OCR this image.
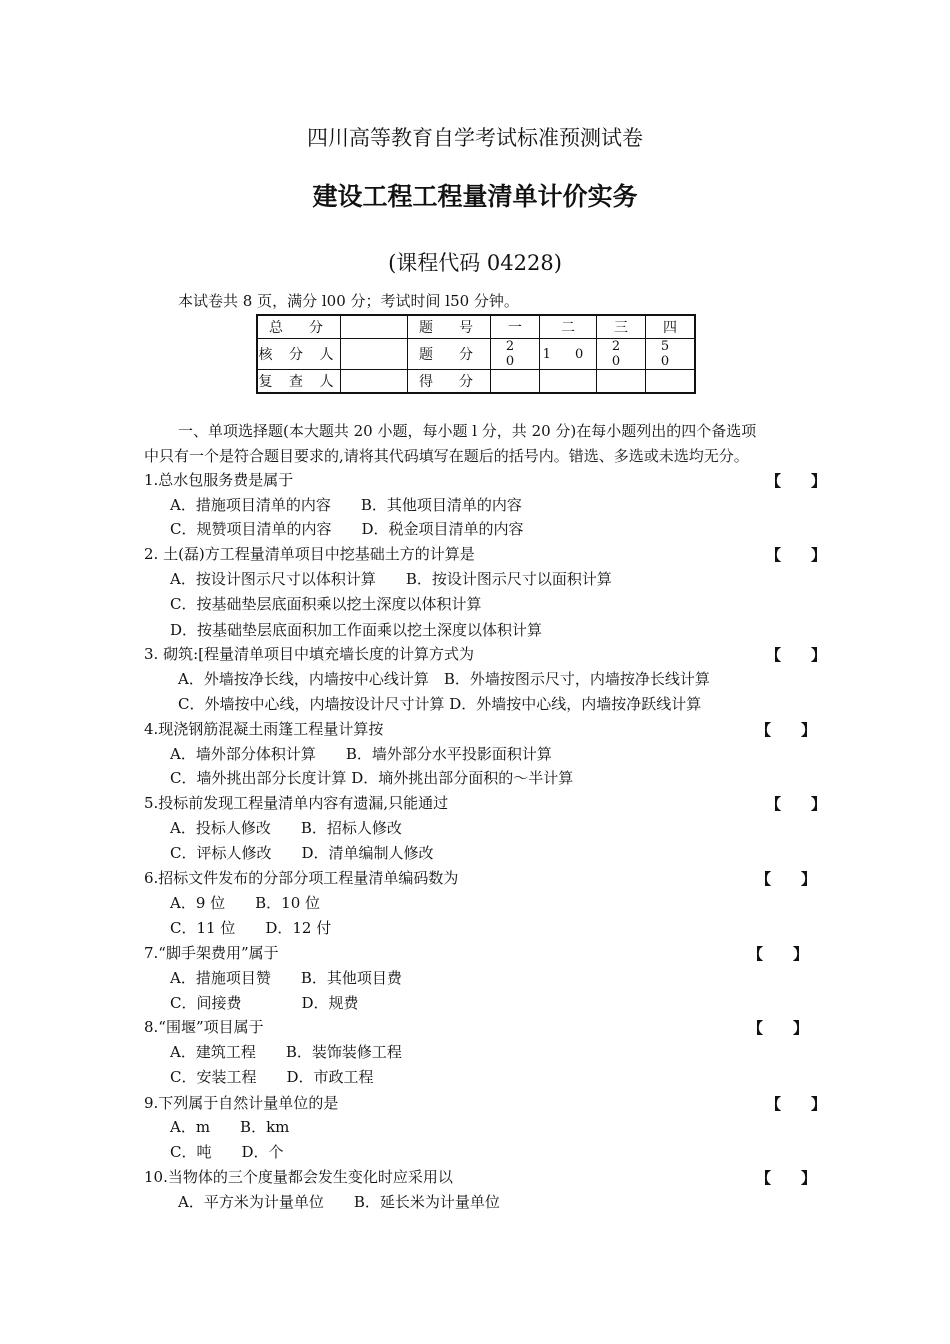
四川高等教育自学考试标准预测试卷
建设工程工程量清单计价实务
(课程代码 04228)
本试卷共 8 页，满分 l00 分；考试时间 l50 分钟。
总　分		题　号	一	二	三	四
核 分 人		题　分	2 0	1 0	2 0	5 0
复 查 人		得　分				
一、单项选择题(本大题共 20 小题，每小题 l 分，共 20 分)在每小题列出的四个备选项
中只有一个是符合题目要求的,请将其代码填写在题后的括号内。错选、多选或未选均无分。
1.总水包服务费是属于	【　　】
A．措施项目清单的内容　　B．其他项目清单的内容
C．规赞项目清单的内容　　D．税金项目清单的内容
2. 土(磊)方工程量清单项目中挖基础土方的计算是	【　　】
A．按设计图示尺寸以体积计算　　B．按设计图示尺寸以面积计算
C．按基础垫层底面积乘以挖土深度以体积计算
D．按基础垫层底面积加工作面乘以挖土深度以体积计算
3. 砌筑:[程量清单项目中填充墙长度的计算方式为	【　　】
A．外墙按净长线，内墙按中心线计算　B．外墙按图示尺寸，内墙按净长线计算
C．外墙按中心线，内墙按设计尺寸计算 D．外墙按中心线，内墙按净跃线计算
4.现浇钢筋混凝土雨篷工程量计算按	【　　】
A．墙外部分体积计算　　B．墙外部分水平投影面积计算
C．墙外挑出部分长度计算 D．墒外挑出部分面积的～半计算
5.投标前发现工程量清单内容有遗漏,只能通过	【　　】
A．投标人修改　　B．招标人修改
C．评标人修改　　D．清单编制人修改
6.招标文件发布的分部分项工程量清单编码数为	【　　】
A．9 位　　B．10 位
C．11 位　　D．12 付
7.“脚手架费用”属于	【　　】
A．措施项目赞　　B．其他项目费
C．间接费　　　　D．规费
8.“围堰”项目属于	【　　】
A．建筑工程　　B．装饰装修工程
C．安装工程　　D．市政工程
9.下列属于自然计量单位的是	【　　】
A．m　　B．km
C．吨　　D．个
10.当物体的三个度量都会发生变化时应采用以	【　　】
A．平方米为计量单位　　B．延长米为计量单位
